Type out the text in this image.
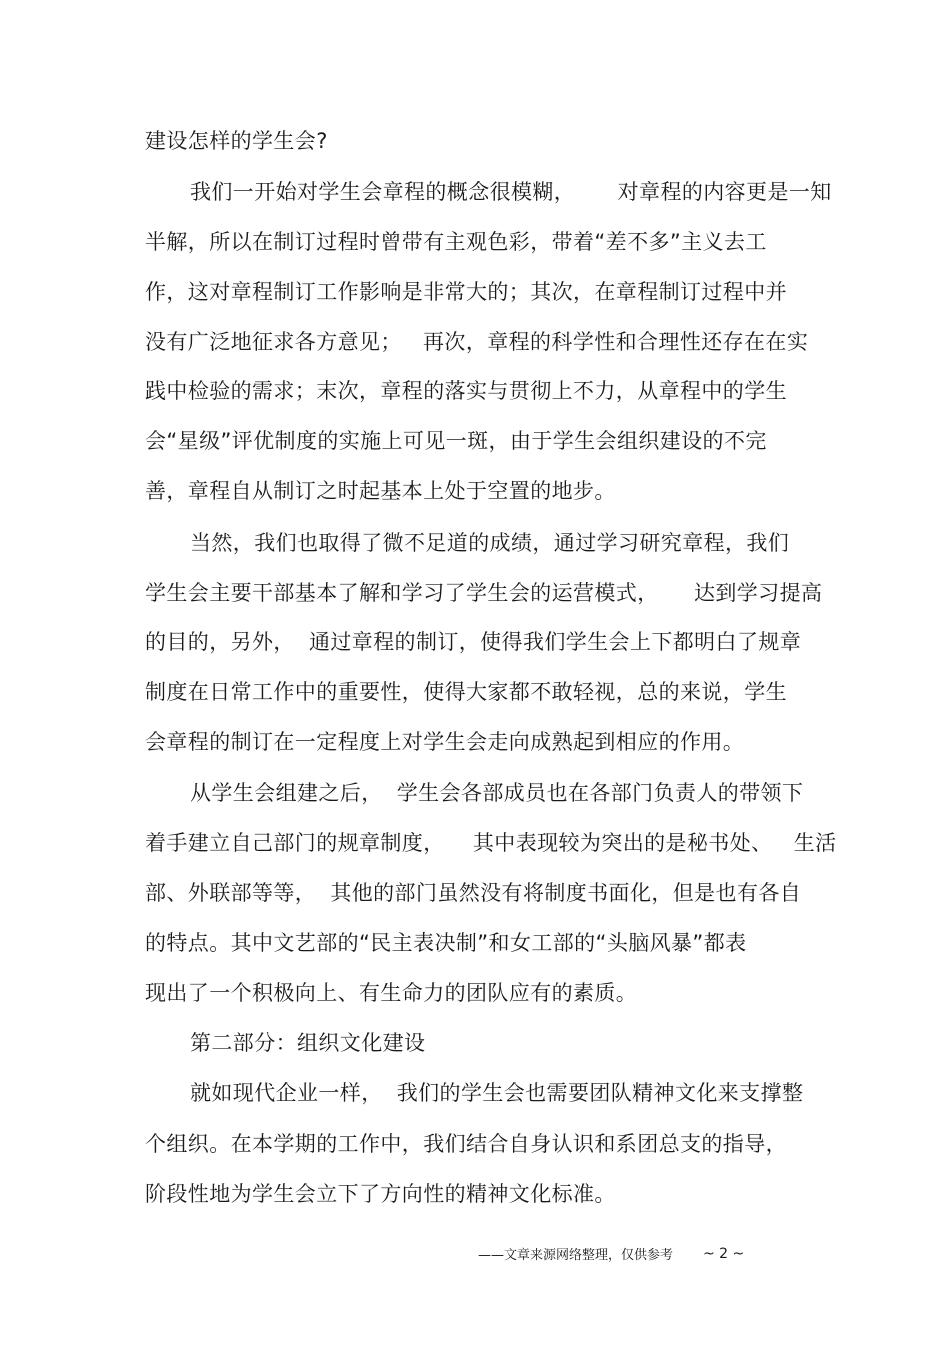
建设怎样的学生会?
我们一开始对学生会章程的概念很模糊，      对章程的内容更是一知
半解，所以在制订过程时曾带有主观色彩，带着“差不多”主义去工
作，这对章程制订工作影响是非常大的；其次，在章程制订过程中并
没有广泛地征求各方意见；   再次，章程的科学性和合理性还存在在实
践中检验的需求；末次，章程的落实与贯彻上不力，从章程中的学生
会“星级”评优制度的实施上可见一斑，由于学生会组织建设的不完
善，章程自从制订之时起基本上处于空置的地步。
当然，我们也取得了微不足道的成绩，通过学习研究章程，我们
学生会主要干部基本了解和学习了学生会的运营模式，     达到学习提高
的目的，另外，  通过章程的制订，使得我们学生会上下都明白了规章
制度在日常工作中的重要性，使得大家都不敢轻视，总的来说，学生
会章程的制订在一定程度上对学生会走向成熟起到相应的作用。
从学生会组建之后，  学生会各部成员也在各部门负责人的带领下
着手建立自己部门的规章制度，    其中表现较为突出的是秘书处、   生活
部、外联部等等，  其他的部门虽然没有将制度书面化，但是也有各自
的特点。其中文艺部的“民主表决制”和女工部的“头脑风暴”都表
现出了一个积极向上、有生命力的团队应有的素质。
第二部分：组织文化建设
就如现代企业一样，  我们的学生会也需要团队精神文化来支撑整
个组织。在本学期的工作中，我们结合自身认识和系团总支的指导，
阶段性地为学生会立下了方向性的精神文化标准。
——文章来源网络整理，仅供参考 ~ 2 ~
